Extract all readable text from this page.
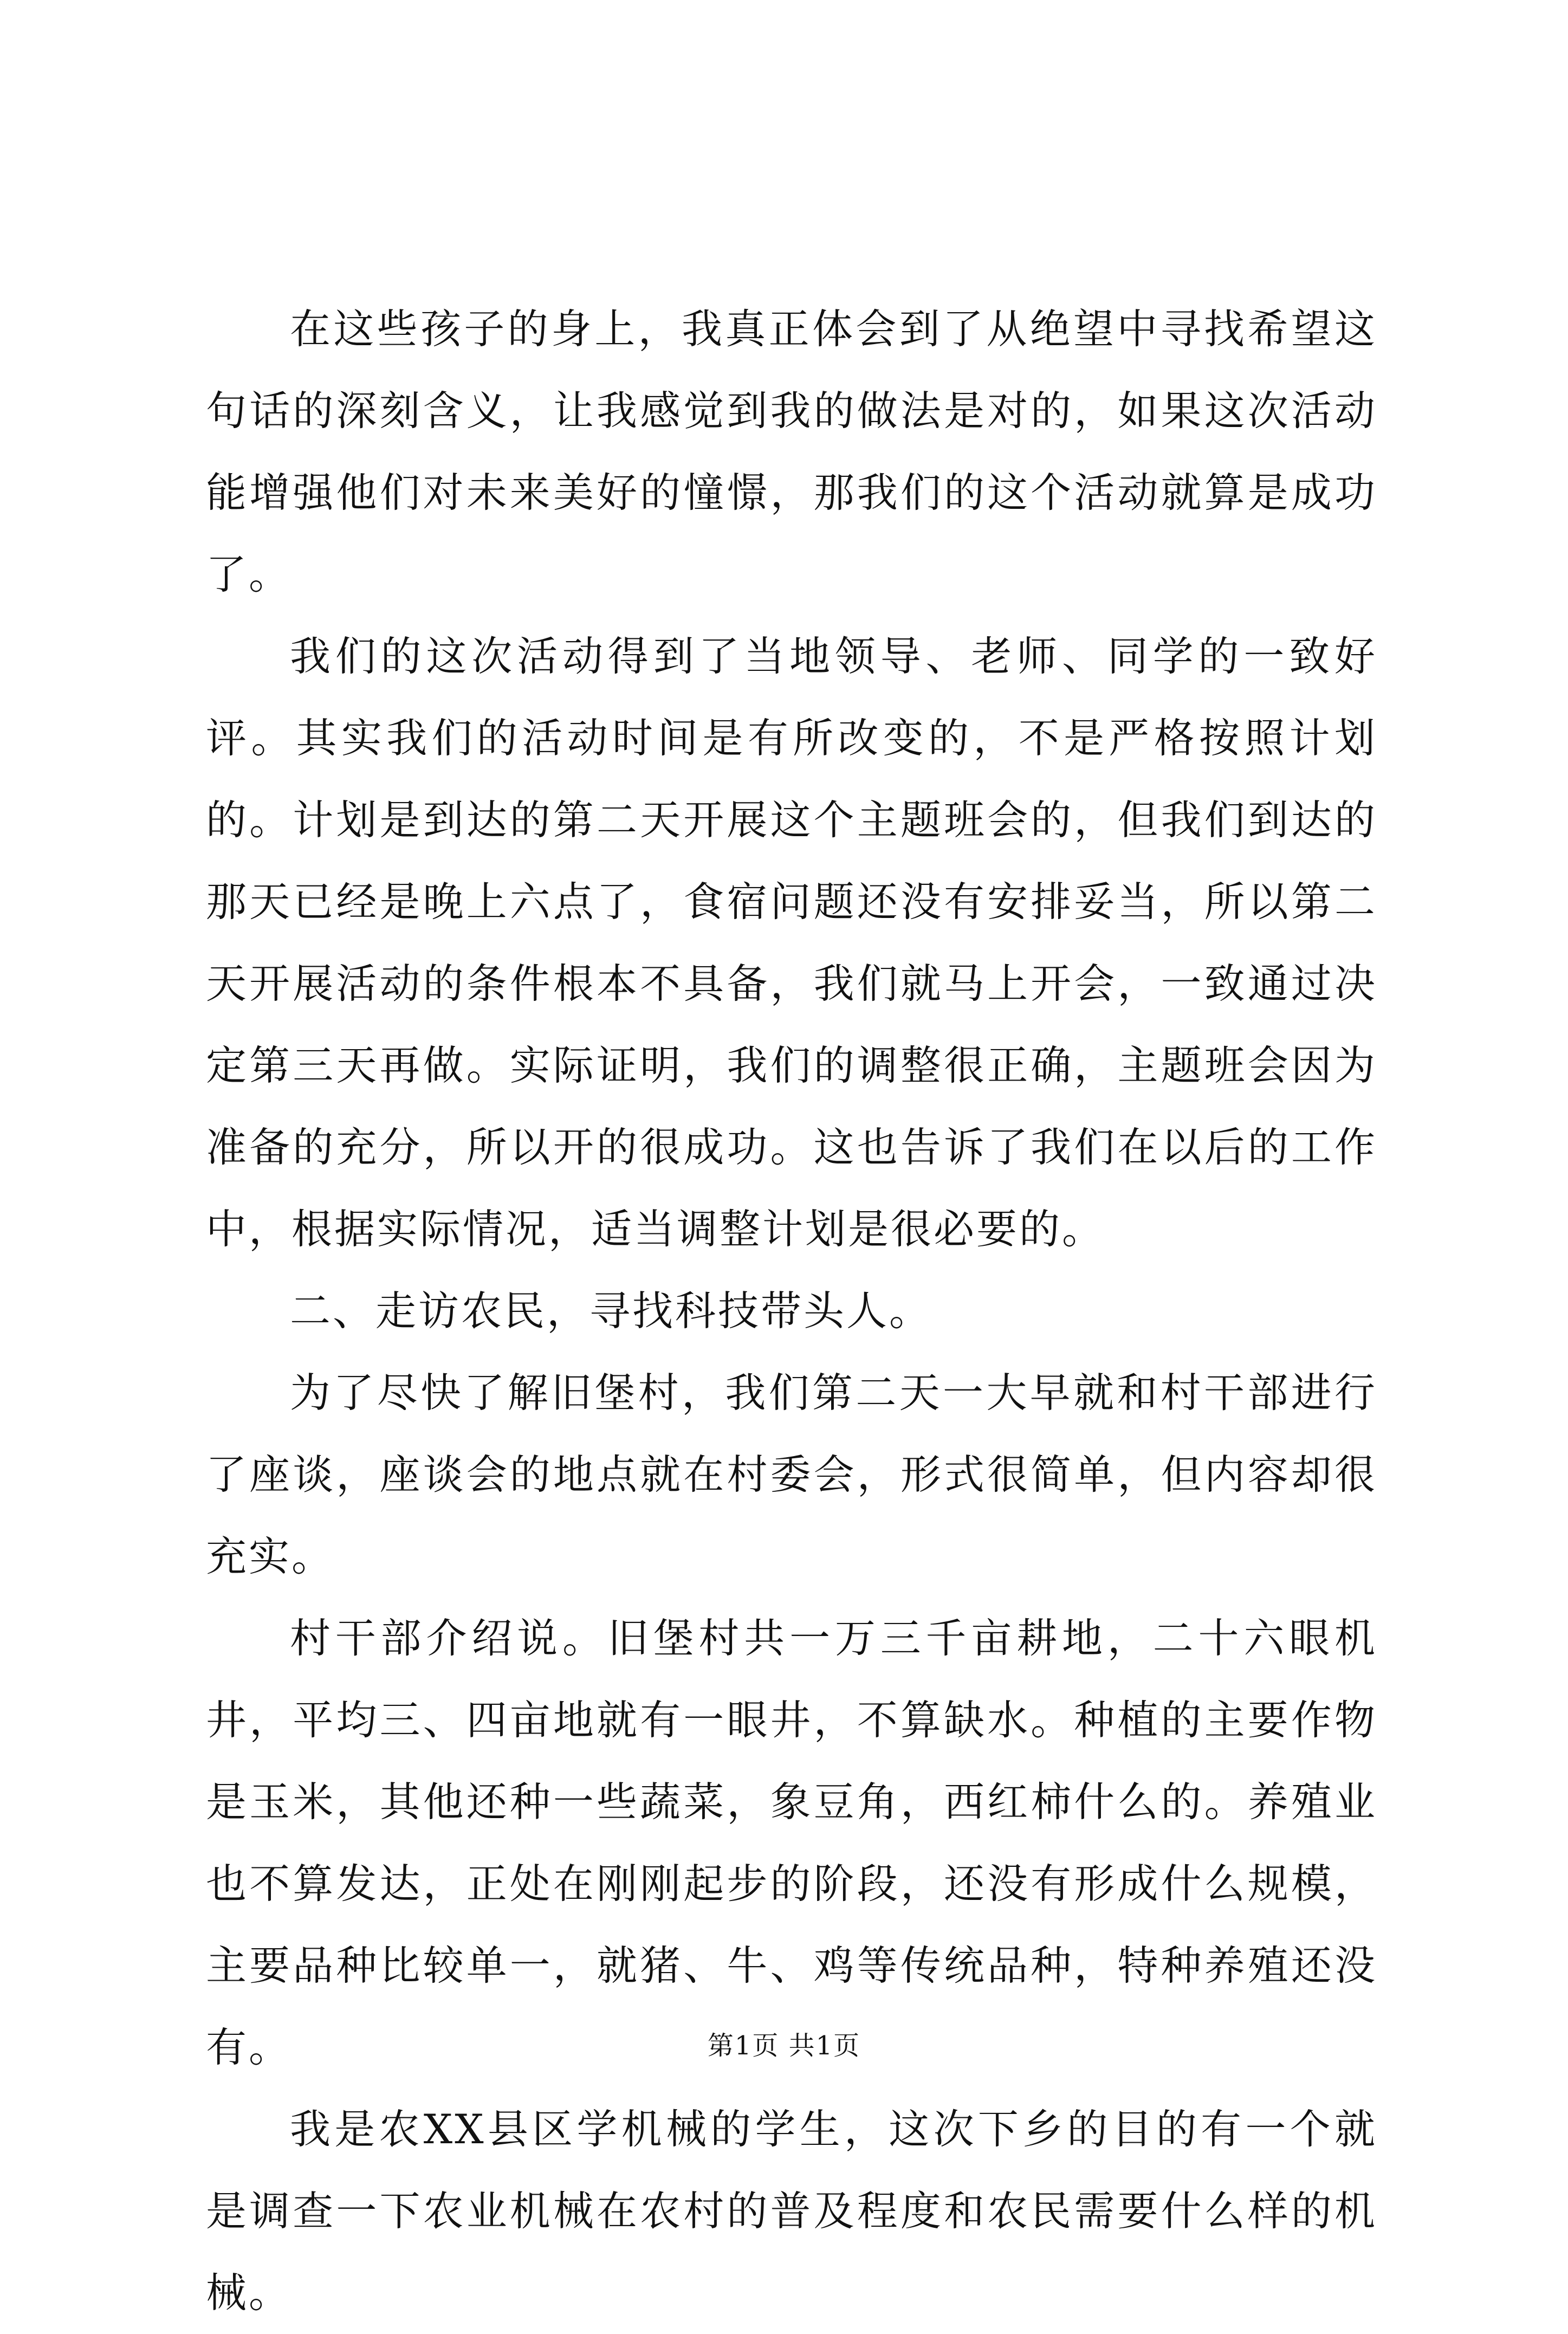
在这些孩子的身上，我真正体会到了从绝望中寻找希望这句话的深刻含义，让我感觉到我的做法是对的，如果这次活动能增强他们对未来美好的憧憬，那我们的这个活动就算是成功了。

我们的这次活动得到了当地领导、老师、同学的一致好评。其实我们的活动时间是有所改变的，不是严格按照计划的。计划是到达的第二天开展这个主题班会的，但我们到达的那天已经是晚上六点了，食宿问题还没有安排妥当，所以第二天开展活动的条件根本不具备，我们就马上开会，一致通过决定第三天再做。实际证明，我们的调整很正确，主题班会因为准备的充分，所以开的很成功。这也告诉了我们在以后的工作中，根据实际情况，适当调整计划是很必要的。

二、走访农民，寻找科技带头人。

为了尽快了解旧堡村，我们第二天一大早就和村干部进行了座谈，座谈会的地点就在村委会，形式很简单，但内容却很充实。

村干部介绍说。旧堡村共一万三千亩耕地，二十六眼机井，平均三、四亩地就有一眼井，不算缺水。种植的主要作物是玉米，其他还种一些蔬菜，象豆角，西红柿什么的。养殖业也不算发达，正处在刚刚起步的阶段，还没有形成什么规模，主要品种比较单一，就猪、牛、鸡等传统品种，特种养殖还没有。

我是农XX县区学机械的学生，这次下乡的目的有一个就是调查一下农业机械在农村的普及程度和农民需要什么样的机械。

第1页 共1页
